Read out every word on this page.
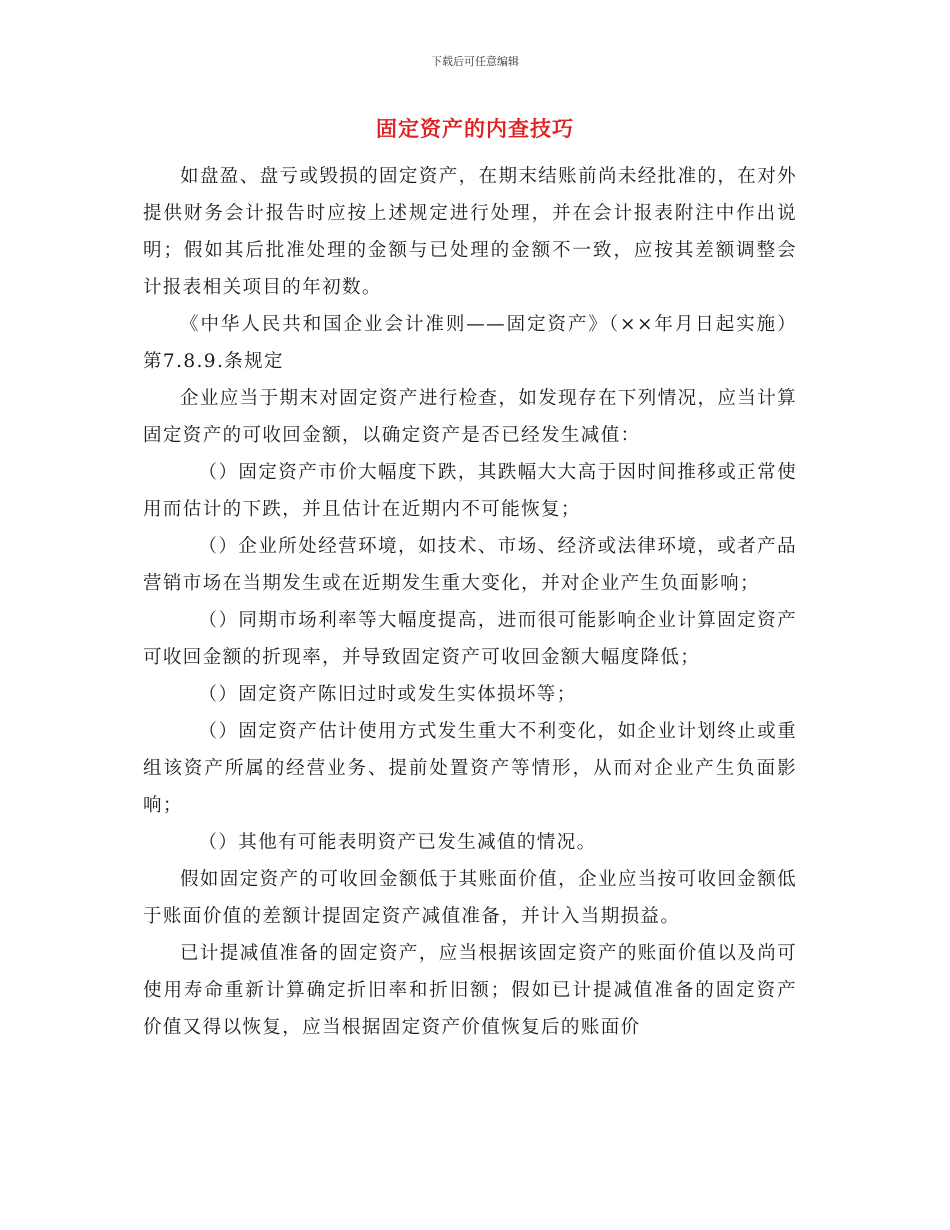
下载后可任意编辑
固定资产的内查技巧

如盘盈、盘亏或毁损的固定资产，在期末结账前尚未经批准的，在对外提供财务会计报告时应按上述规定进行处理，并在会计报表附注中作出说明；假如其后批准处理的金额与已处理的金额不一致，应按其差额调整会计报表相关项目的年初数。

《中华人民共和国企业会计准则——固定资产》（××年月日起实施）第7.8.9.条规定

企业应当于期末对固定资产进行检查，如发现存在下列情况，应当计算固定资产的可收回金额，以确定资产是否已经发生减值：

（）固定资产市价大幅度下跌，其跌幅大大高于因时间推移或正常使用而估计的下跌，并且估计在近期内不可能恢复；

（）企业所处经营环境，如技术、市场、经济或法律环境，或者产品营销市场在当期发生或在近期发生重大变化，并对企业产生负面影响；

（）同期市场利率等大幅度提高，进而很可能影响企业计算固定资产可收回金额的折现率，并导致固定资产可收回金额大幅度降低；

（）固定资产陈旧过时或发生实体损坏等；

（）固定资产估计使用方式发生重大不利变化，如企业计划终止或重组该资产所属的经营业务、提前处置资产等情形，从而对企业产生负面影响；

（）其他有可能表明资产已发生减值的情况。

假如固定资产的可收回金额低于其账面价值，企业应当按可收回金额低于账面价值的差额计提固定资产减值准备，并计入当期损益。

已计提减值准备的固定资产，应当根据该固定资产的账面价值以及尚可使用寿命重新计算确定折旧率和折旧额；假如已计提减值准备的固定资产价值又得以恢复，应当根据固定资产价值恢复后的账面价
